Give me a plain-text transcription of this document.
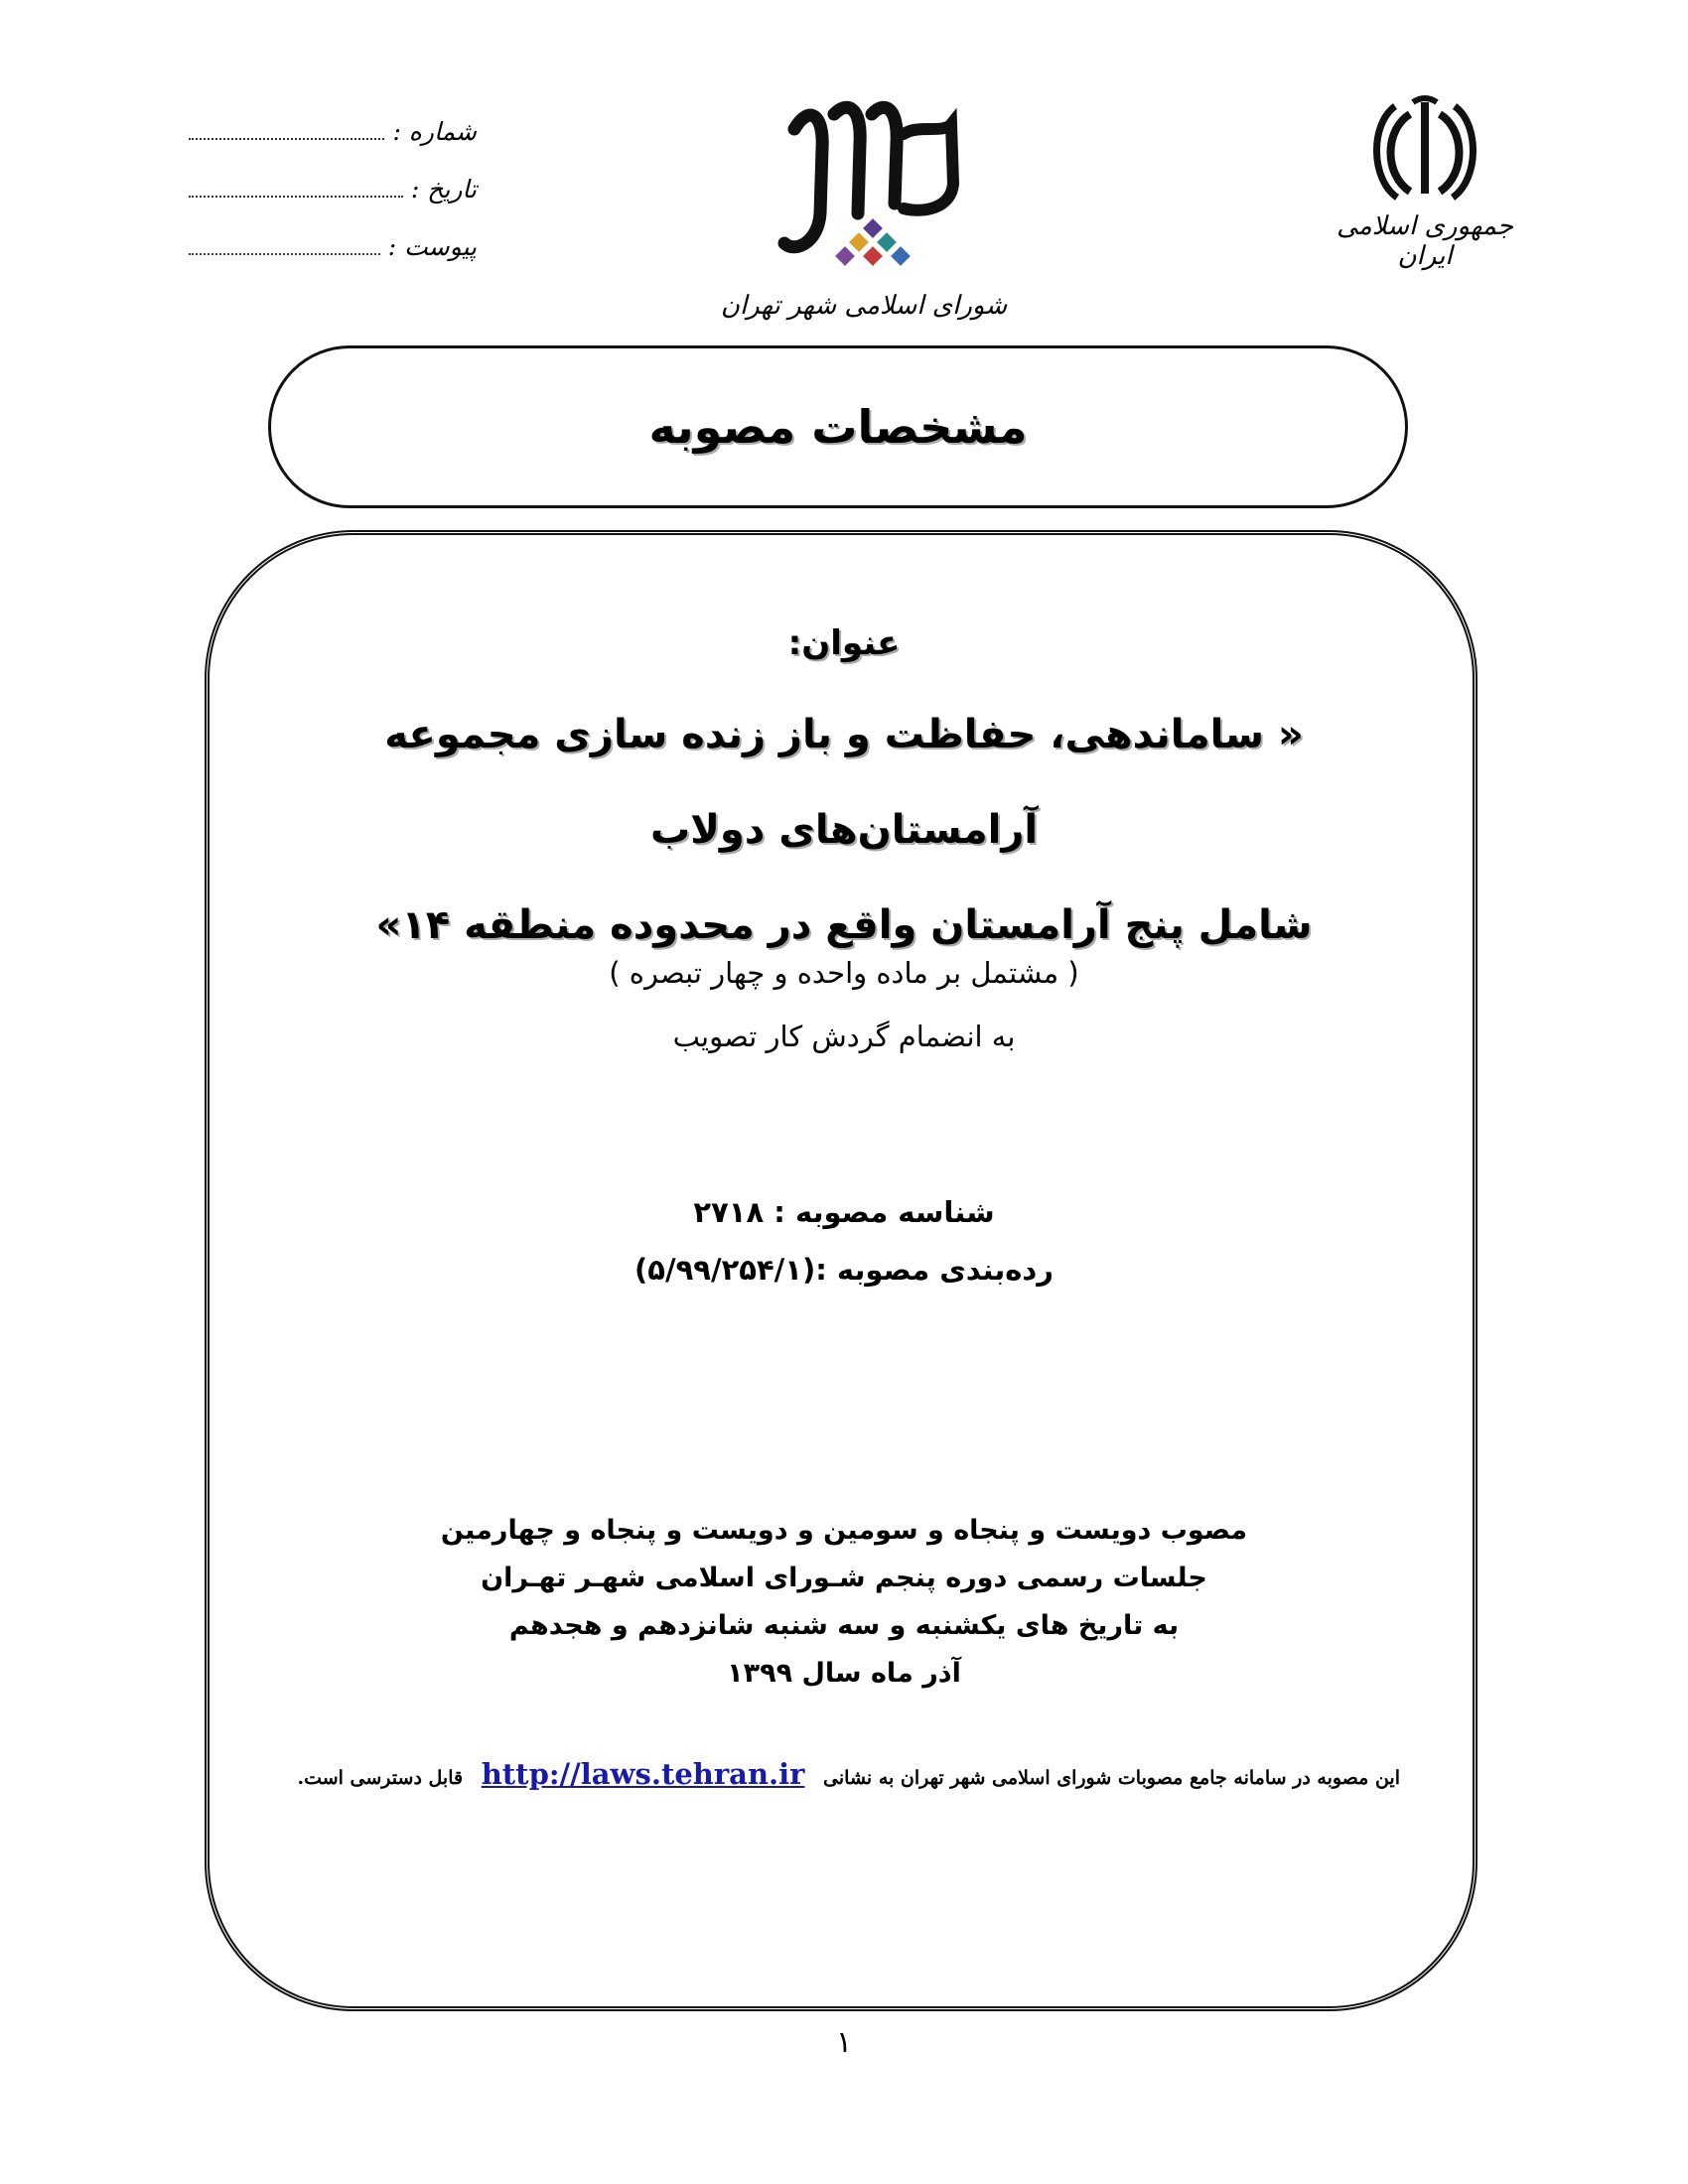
شماره :
تاریخ :
پیوست :
شورای اسلامی شهر تهران
جمهوری اسلامی ایران
مشخصات مصوبه
عنوان:
« ساماندهی، حفاظت و باز زنده سازی مجموعه آرامستان‌های دولاب
شامل پنج آرامستان واقع در محدوده منطقه ۱۴»
( مشتمل بر ماده واحده و چهار تبصره )
به انضمام گردش کار تصویب
شناسه مصوبه : ۲۷۱۸
رده‌بندی مصوبه :(۵/۹۹/۲۵۴/۱)
مصوب دویست و پنجاه و سومین و دویست و پنجاه و چهارمین
جلسات رسمی دوره پنجم شـورای اسلامی شهـر تهـران
به تاریخ های یکشنبه و سه شنبه شانزدهم و هجدهم
آذر ماه سال ۱۳۹۹
این مصوبه در سامانه جامع مصوبات شورای اسلامی شهر تهران به نشانی http://laws.tehran.ir قابل دسترسی است.
۱
